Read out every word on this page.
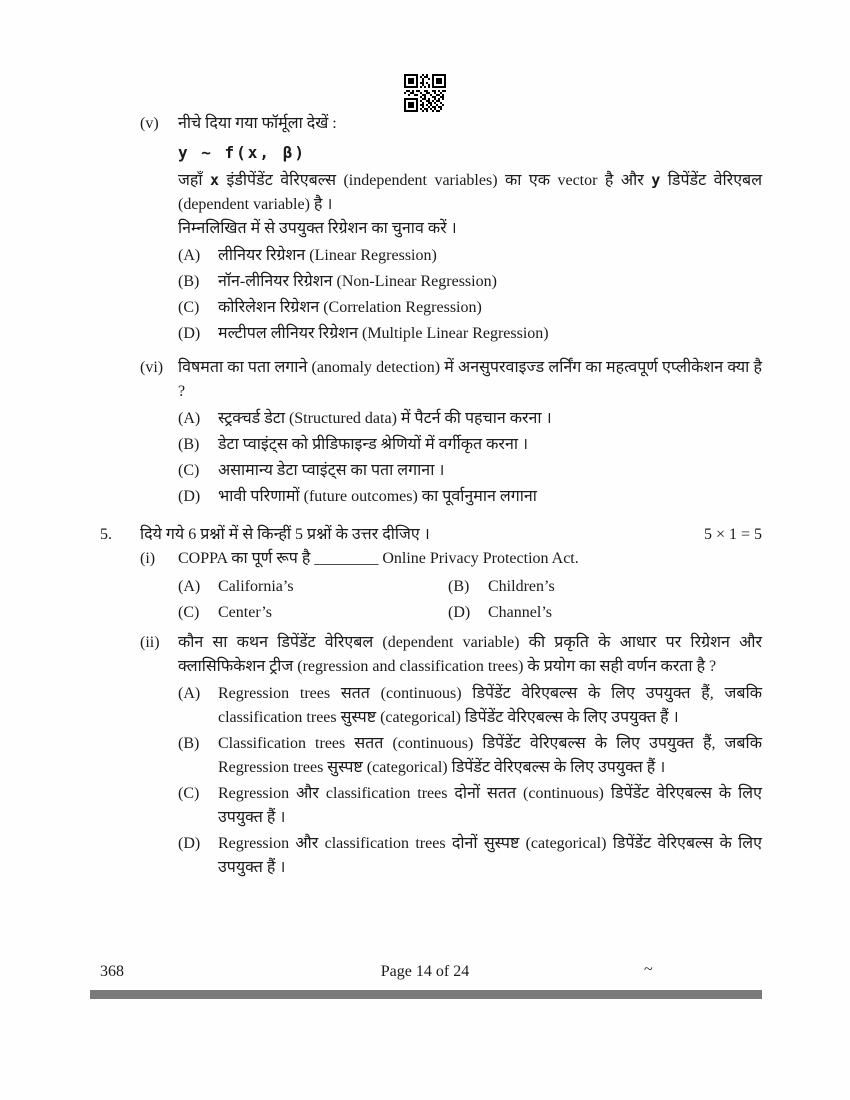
(v)	नीचे दिया गया फॉर्मूला देखें :

y ~ f(x, β)

जहाँ x इंडीपेंडेंट वेरिएबल्स (independent variables) का एक vector है और y डिपेंडेंट वेरिएबल (dependent variable) है ।

निम्नलिखित में से उपयुक्त रिग्रेशन का चुनाव करें ।

(A)	लीनियर रिग्रेशन (Linear Regression)
(B)	नॉन-लीनियर रिग्रेशन (Non-Linear Regression)
(C)	कोरिलेशन रिग्रेशन (Correlation Regression)
(D)	मल्टीपल लीनियर रिग्रेशन (Multiple Linear Regression)
(vi) विषमता का पता लगाने (anomaly detection) में अनसुपरवाइज्ड लर्निंग का महत्वपूर्ण एप्लीकेशन क्या है ?

(A)	स्ट्रक्चर्ड डेटा (Structured data) में पैटर्न की पहचान करना ।
(B)	डेटा प्वाइंट्स को प्रीडिफाइन्ड श्रेणियों में वर्गीकृत करना ।
(C)	असामान्य डेटा प्वाइंट्स का पता लगाना ।
(D)	भावी परिणामों (future outcomes) का पूर्वानुमान लगाना
5.	दिये गये 6 प्रश्नों में से किन्हीं 5 प्रश्नों के उत्तर दीजिए ।	5 × 1 = 5
(i)	COPPA का पूर्ण रूप है ________ Online Privacy Protection Act.

(A)	California’s	(B)	Children’s
(C)	Center’s	(D)	Channel’s
(ii)	कौन सा कथन डिपेंडेंट वेरिएबल (dependent variable) की प्रकृति के आधार पर रिग्रेशन और क्लासिफिकेशन ट्रीज (regression and classification trees) के प्रयोग का सही वर्णन करता है ?

(A)	Regression trees सतत (continuous) डिपेंडेंट वेरिएबल्स के लिए उपयुक्त हैं, जबकि classification trees सुस्पष्ट (categorical) डिपेंडेंट वेरिएबल्स के लिए उपयुक्त हैं ।
(B)	Classification trees सतत (continuous) डिपेंडेंट वेरिएबल्स के लिए उपयुक्त हैं, जबकि Regression trees सुस्पष्ट (categorical) डिपेंडेंट वेरिएबल्स के लिए उपयुक्त हैं ।
(C)	Regression और classification trees दोनों सतत (continuous) डिपेंडेंट वेरिएबल्स के लिए उपयुक्त हैं ।
(D)	Regression और classification trees दोनों सुस्पष्ट (categorical) डिपेंडेंट वेरिएबल्स के लिए उपयुक्त हैं ।
368	Page 14 of 24	~
